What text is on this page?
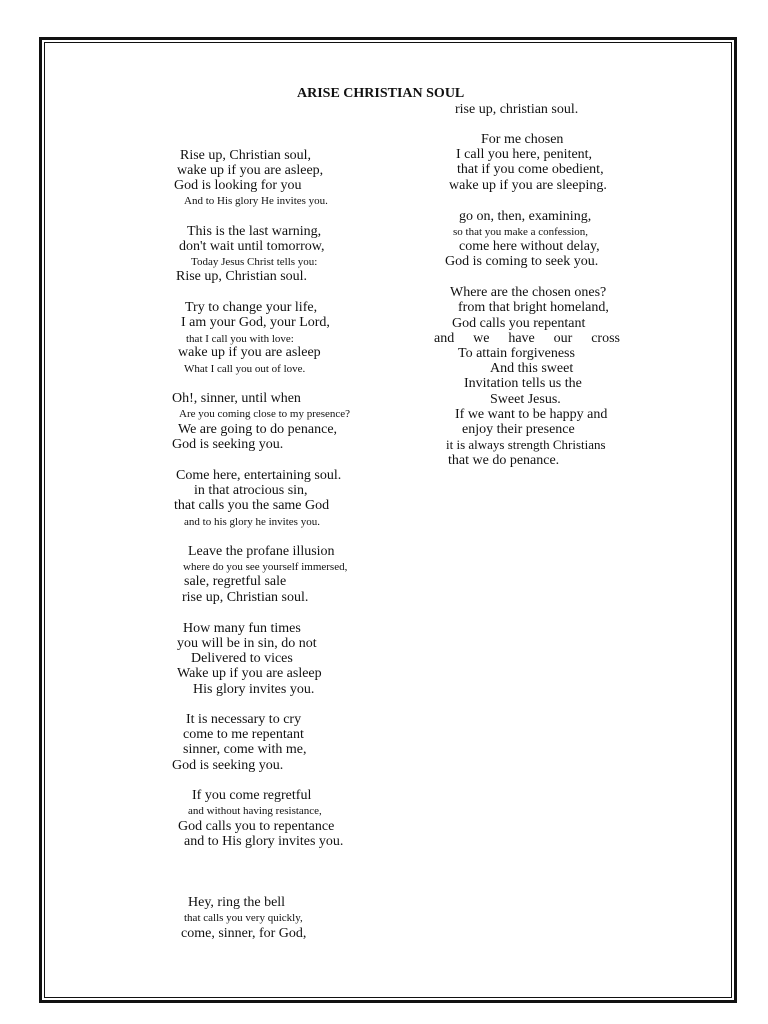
ARISE CHRISTIAN SOUL
Rise up, Christian soul,
wake up if you are asleep,
God is looking for you
And to His glory He invites you.
This is the last warning,
don't wait until tomorrow,
Today Jesus Christ tells you:
Rise up, Christian soul.
Try to change your life,
I am your God, your Lord,
that I call you with love:
wake up if you are asleep
What I call you out of love.
Oh!, sinner, until when
Are you coming close to my presence?
We are going to do penance,
God is seeking you.
Come here, entertaining soul.
in that atrocious sin,
that calls you the same God
and to his glory he invites you.
Leave the profane illusion
where do you see yourself immersed,
sale, regretful sale
rise up, Christian soul.
How many fun times
you will be in sin, do not
Delivered to vices
Wake up if you are asleep
His glory invites you.
It is necessary to cry
come to me repentant
sinner, come with me,
God is seeking you.
If you come regretful
and without having resistance,
God calls you to repentance
and to His glory invites you.
Hey, ring the bell
that calls you very quickly,
come, sinner, for God,
rise up, christian soul.
For me chosen
I call you here, penitent,
that if you come obedient,
wake up if you are sleeping.
go on, then, examining,
so that you make a confession,
come here without delay,
God is coming to seek you.
Where are the chosen ones?
from that bright homeland,
God calls you repentant
and we have our cross
To attain forgiveness
And this sweet
Invitation tells us the
Sweet Jesus.
If we want to be happy and
enjoy their presence
it is always strength Christians
that we do penance.
